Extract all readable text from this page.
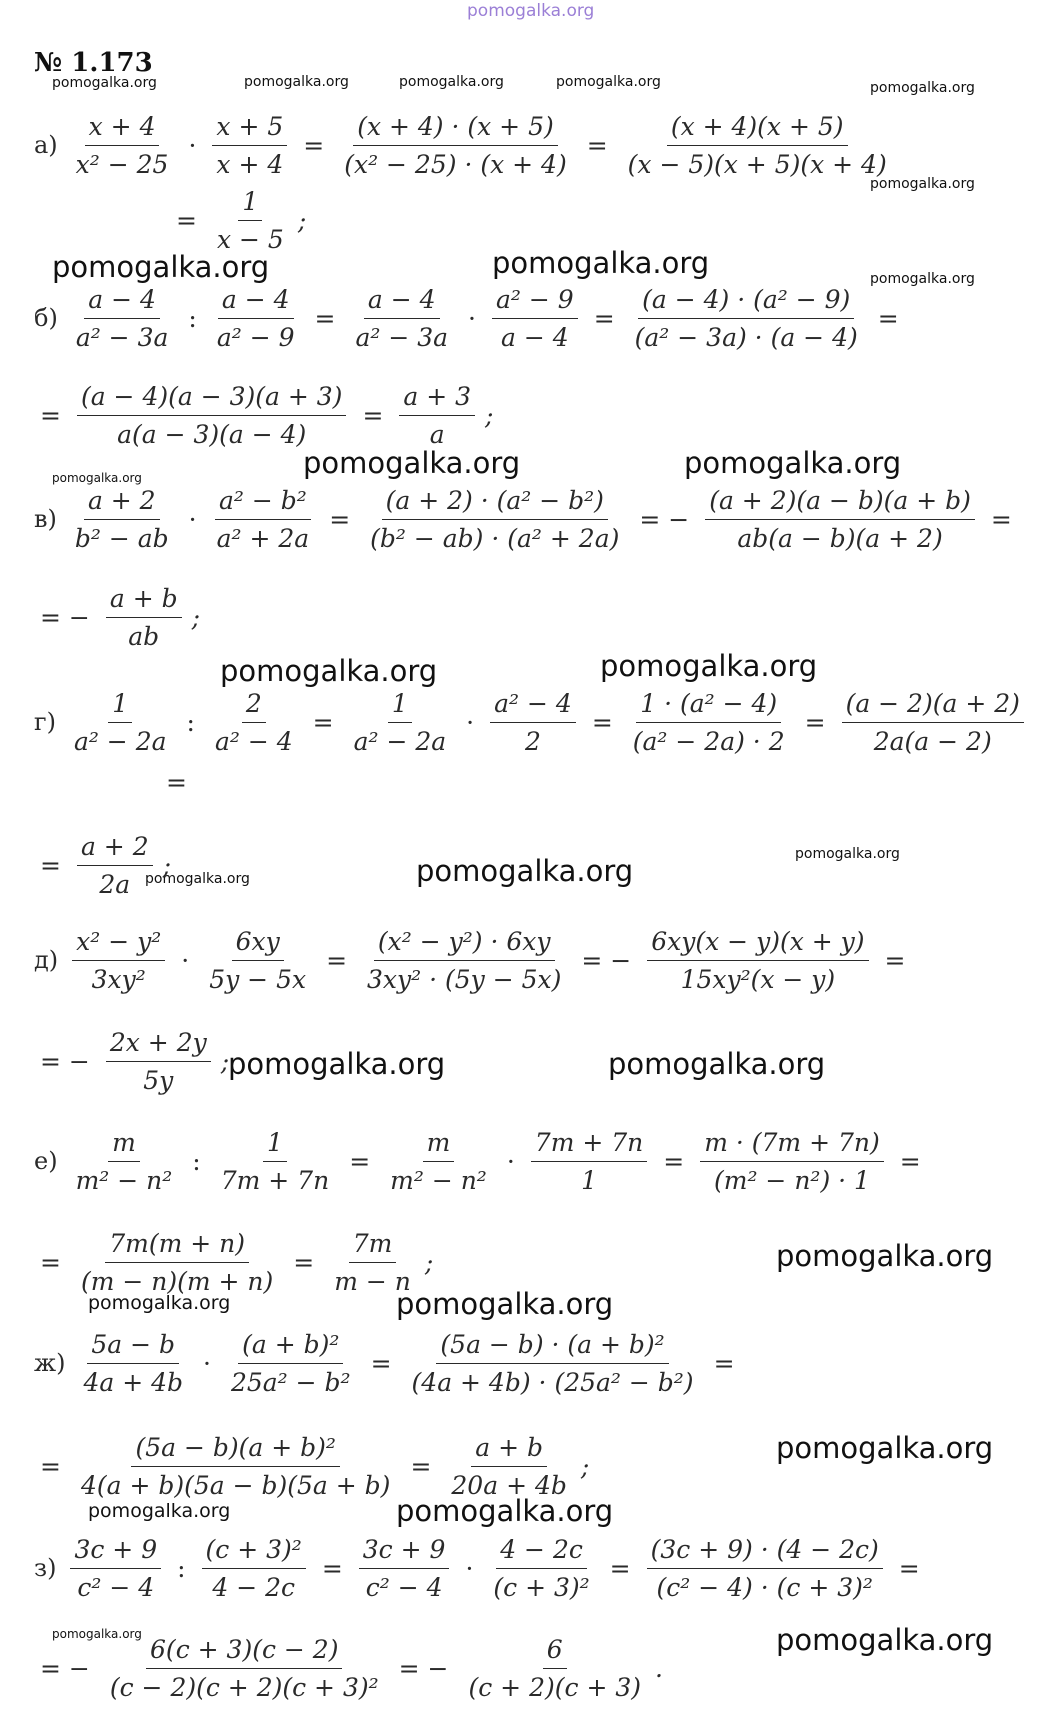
pomogalka.org
№ 1.173
pomogalka.org	pomogalka.org	pomogalka.org	pomogalka.org	pomogalka.org
pomogalka.org
pomogalka.org
pomogalka.org
pomogalka.org
pomogalka.org
pomogalka.org
pomogalka.org
pomogalka.org
pomogalka.org	pomogalka.org
pomogalka.org	pomogalka.org
pomogalka.org	pomogalka.org
pomogalka.org
pomogalka.org	pomogalka.org
pomogalka.org
pomogalka.org
pomogalka.org
pomogalka.org
pomogalka.org
$а) \frac{x + 4}{\text{x² − 25}} \cdot \frac{x + 5}{x + 4} = \frac{(x + 4) \cdot (x + 5)}{\text{(x² − 25) · (x + 4)}} = \frac{(x + 4)(x + 5)}{(x - 5)(x + 5)(x + 4)}$
= $\frac{1}{x - 5}$ ;
$б) \frac{a - 4}{\text{a² − 3a}}$ : $\frac{a - 4}{\text{a² − 9}} = \frac{a - 4}{\text{a² − 3a}} \cdot \frac{\text{a² − 9}}{a - 4} = \frac{\text{(a − 4) · (a² − 9)}}{\text{(a² − 3a) · (a − 4)}}$ =
= $\frac{(a - 4)(a - 3)(a + 3)}{a(a - 3)(a - 4)} = \frac{a + 3}{a}$ ;
$в) \frac{a + 2}{\text{b² − ab}} \cdot \frac{\text{a² − b²}}{\text{a² + 2a}} = \frac{\text{(a + 2) · (a² − b²)}}{\text{(b² − ab) · (a² + 2a)}}$ = − $\frac{(a + 2)(a - b)(a + b)}{ab(a - b)(a + 2)}$ =
= − $\frac{a + b}{ab}$ ;
$г) \frac{1}{\text{a² − 2a}}$ : $\frac{2}{\text{a² − 4}} = \frac{1}{\text{a² − 2a}} \cdot \frac{\text{a² − 4}}{2} = \frac{\text{1 · (a² − 4)}}{\text{(a² − 2a) · 2}} = \frac{(a - 2)(a + 2)}{2a(a - 2)}$
=
= $\frac{a + 2}{2a}$ ;
$д) \frac{\text{x² − y²}}{\text{3xy²}} \cdot \frac{6xy}{5y - 5x} = \frac{\text{(x² − y²) · 6xy}}{\text{3xy² · (5y − 5x)}}$ = − $\frac{6xy(x - y)(x + y)}{\text{15xy²(x − y)}}$ =
= − $\frac{2x + 2y}{5y}$ ;
$е) \frac{m}{\text{m² − n²}}$ : $\frac{1}{7m + 7n} = \frac{m}{\text{m² − n²}} \cdot \frac{7m + 7n}{1} = \frac{m \cdot (7m + 7n)}{\text{(m² − n²) · 1}}$ =
= $\frac{7m(m + n)}{(m - n)(m + n)} = \frac{7m}{m - n}$ ;
$ж) \frac{5a - b}{4a + 4b} \cdot \frac{\text{(a + b)²}}{\text{25a² − b²}} = \frac{\text{(5a − b) · (a + b)²}}{\text{(4a + 4b) · (25a² − b²)}}$ =
= $\frac{\text{(5a − b)(a + b)²}}{4(a + b)(5a - b)(5a + b)} = \frac{a + b}{20a + 4b}$ ;
$з) \frac{3c + 9}{\text{c² − 4}}$ : $\frac{\text{(c + 3)²}}{4 - 2c} = \frac{3c + 9}{\text{c² − 4}} \cdot \frac{4 - 2c}{\text{(c + 3)²}} = \frac{(3c + 9) \cdot (4 - 2c)}{\text{(c² − 4) · (c + 3)²}}$ =
= − $\frac{6(c + 3)(c - 2)}{\text{(c − 2)(c + 2)(c + 3)²}}$ = − $\frac{6}{(c + 2)(c + 3)}$ .
